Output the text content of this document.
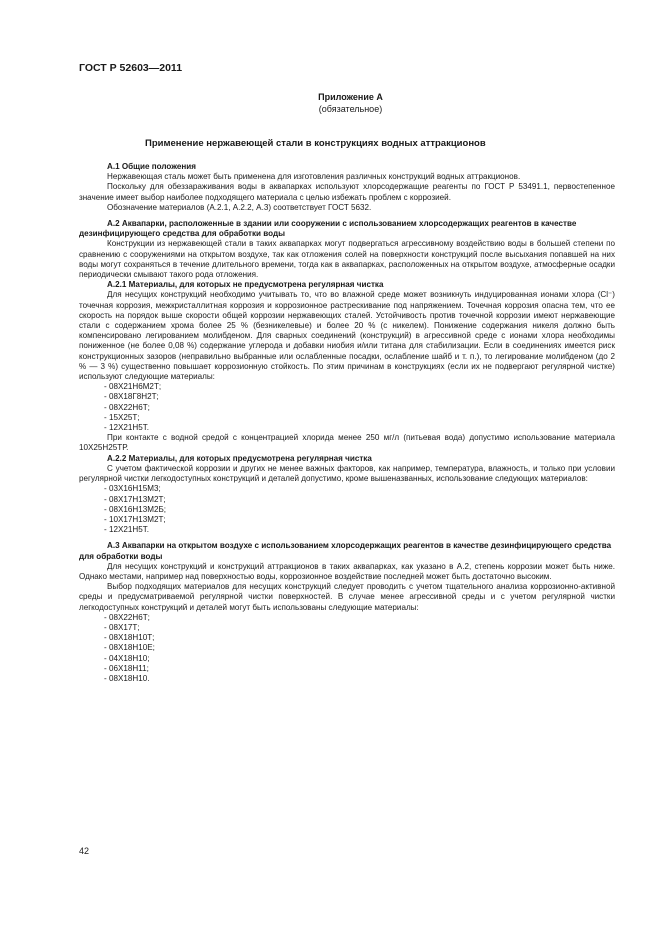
ГОСТ Р 52603—2011
Приложение А
(обязательное)
Применение нержавеющей стали в конструкциях водных аттракционов

А.1 Общие положения

Нержавеющая сталь может быть применена для изготовления различных конструкций водных аттракционов.

Поскольку для обеззараживания воды в аквапарках используют хлорсодержащие реагенты по ГОСТ Р 53491.1, первостепенное значение имеет выбор наиболее подходящего материала с целью избежать проблем с коррозией.

Обозначение материалов (А.2.1, А.2.2, А.3) соответствует ГОСТ 5632.

А.2 Аквапарки, расположенные в здании или сооружении с использованием хлорсодержащих реагентов в качестве дезинфицирующего средства для обработки воды

Конструкции из нержавеющей стали в таких аквапарках могут подвергаться агрессивному воздействию воды в большей степени по сравнению с сооружениями на открытом воздухе, так как отложения солей на поверхности конструкций после высыхания попавшей на них воды могут сохраняться в течение длительного времени, тогда как в аквапарках, расположенных на открытом воздухе, атмосферные осадки периодически смывают такого рода отложения.

А.2.1 Материалы, для которых не предусмотрена регулярная чистка

Для несущих конструкций необходимо учитывать то, что во влажной среде может возникнуть индуцированная ионами хлора (Cl⁻) точечная коррозия, межкристаллитная коррозия и коррозионное растрескивание под напряжением. Точечная коррозия опасна тем, что ее скорость на порядок выше скорости общей коррозии нержавеющих сталей. Устойчивость против точечной коррозии имеют нержавеющие стали с содержанием хрома более 25 % (безникелевые) и более 20 % (с никелем). Понижение содержания никеля должно быть компенсировано легированием молибденом. Для сварных соединений (конструкций) в агрессивной среде с ионами хлора необходимы пониженное (не более 0,08 %) содержание углерода и добавки ниобия и/или титана для стабилизации. Если в соединениях имеется риск конструкционных зазоров (неправильно выбранные или ослабленные посадки, ослабление шайб и т. п.), то легирование молибденом (до 2 % — 3 %) существенно повышает коррозионную стойкость. По этим причинам в конструкциях (если их не подвергают регулярной чистке) используют следующие материалы:

- 08Х21Н6М2Т;

- 08Х18Г8Н2Т;

- 08Х22Н6Т;

- 15Х25Т;

- 12Х21Н5Т.

При контакте с водной средой с концентрацией хлорида менее 250 мг/л (питьевая вода) допустимо использование материала 10Х25Н25ТР.

А.2.2 Материалы, для которых предусмотрена регулярная чистка

С учетом фактической коррозии и других не менее важных факторов, как например, температура, влажность, и только при условии регулярной чистки легкодоступных конструкций и деталей допустимо, кроме вышеназванных, использование следующих материалов:

- 03Х16Н15М3;

- 08Х17Н13М2Т;

- 08Х16Н13М2Б;

- 10Х17Н13М2Т;

- 12Х21Н5Т.

А.3 Аквапарки на открытом воздухе с использованием хлорсодержащих реагентов в качестве дезинфицирующего средства для обработки воды

Для несущих конструкций и конструкций аттракционов в таких аквапарках, как указано в А.2, степень коррозии может быть ниже. Однако местами, например над поверхностью воды, коррозионное воздействие последней может быть достаточно высоким.

Выбор подходящих материалов для несущих конструкций следует проводить с учетом тщательного анализа коррозионно-активной среды и предусматриваемой регулярной чистки поверхностей. В случае менее агрессивной среды и с учетом регулярной чистки легкодоступных конструкций и деталей могут быть использованы следующие материалы:

- 08Х22Н6Т;

- 08Х17Т;

- 08Х18Н10Т;

- 08Х18Н10Е;

- 04Х18Н10;

- 06Х18Н11;

- 08Х18Н10.

42
